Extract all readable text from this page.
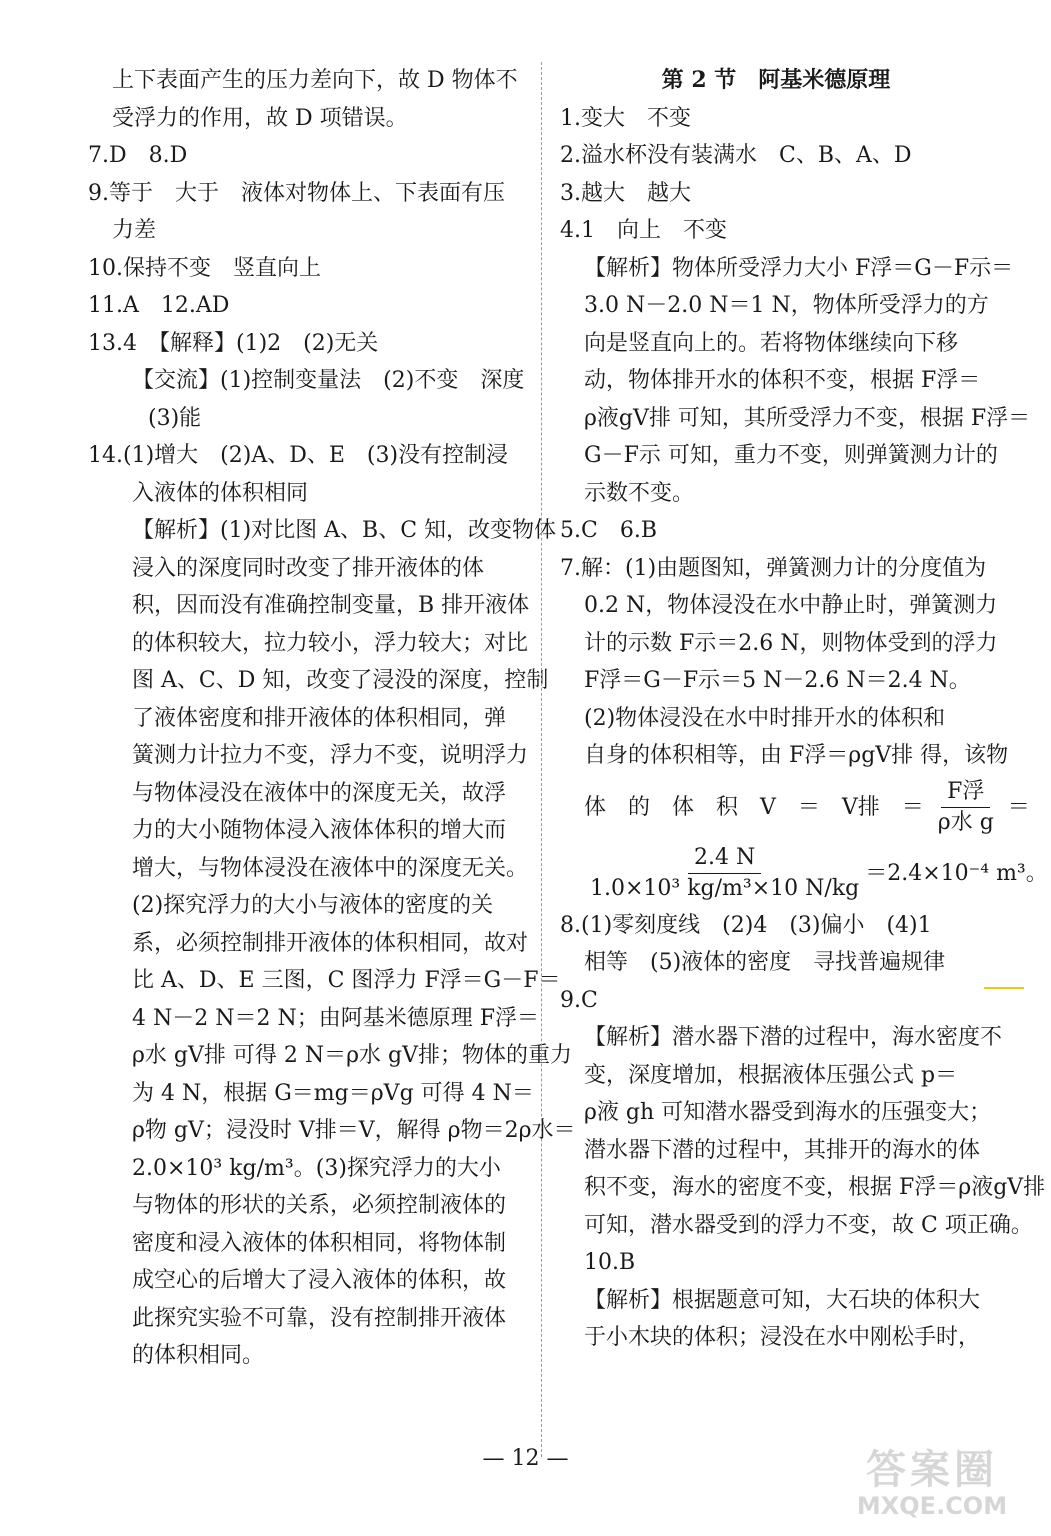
上下表面产生的压力差向下，故 D 物体不
受浮力的作用，故 D 项错误。
7.D　8.D
9.等于　大于　液体对物体上、下表面有压
力差
10.保持不变　竖直向上
11.A　12.AD
13.4　【解释】(1)2　(2)无关
【交流】(1)控制变量法　(2)不变　深度
(3)能
14.(1)增大　(2)A、D、E　(3)没有控制浸
入液体的体积相同
【解析】(1)对比图 A、B、C 知，改变物体
浸入的深度同时改变了排开液体的体
积，因而没有准确控制变量，B 排开液体
的体积较大，拉力较小，浮力较大；对比
图 A、C、D 知，改变了浸没的深度，控制
了液体密度和排开液体的体积相同，弹
簧测力计拉力不变，浮力不变，说明浮力
与物体浸没在液体中的深度无关，故浮
力的大小随物体浸入液体体积的增大而
增大，与物体浸没在液体中的深度无关。
(2)探究浮力的大小与液体的密度的关
系，必须控制排开液体的体积相同，故对
比 A、D、E 三图，C 图浮力 F浮＝G－F＝
4 N－2 N＝2 N；由阿基米德原理 F浮＝
ρ水 gV排 可得 2 N＝ρ水 gV排；物体的重力
为 4 N，根据 G＝mg＝ρVg 可得 4 N＝
ρ物 gV；浸没时 V排＝V，解得 ρ物＝2ρ水＝
2.0×10³ kg/m³。(3)探究浮力的大小
与物体的形状的关系，必须控制液体的
密度和浸入液体的体积相同，将物体制
成空心的后增大了浸入液体的体积，故
此探究实验不可靠，没有控制排开液体
的体积相同。
第 2 节　阿基米德原理
1.变大　不变
2.溢水杯没有装满水　C、B、A、D
3.越大　越大
4.1　向上　不变
【解析】物体所受浮力大小 F浮＝G－F示＝
3.0 N－2.0 N＝1 N，物体所受浮力的方
向是竖直向上的。若将物体继续向下移
动，物体排开水的体积不变，根据 F浮＝
ρ液gV排 可知，其所受浮力不变，根据 F浮＝
G－F示 可知，重力不变，则弹簧测力计的
示数不变。
5.C　6.B
7.解：(1)由题图知，弹簧测力计的分度值为
0.2 N，物体浸没在水中静止时，弹簧测力
计的示数 F示＝2.6 N，则物体受到的浮力
F浮＝G－F示＝5 N－2.6 N＝2.4 N。
(2)物体浸没在水中时排开水的体积和
自身的体积相等，由 F浮＝ρgV排 得，该物
体　的　体　积　V　＝　V排　＝ $\frac{\text{F浮}}{\text{ρ水 g}}$ ＝
$\frac{2.4 N}{\text{1.0×10³ kg/m³×10 N/kg}} =2.4\times 10^{-4}$ m³。
8.(1)零刻度线　(2)4　(3)偏小　(4)1
相等　(5)液体的密度　寻找普遍规律
9.C
【解析】潜水器下潜的过程中，海水密度不
变，深度增加，根据液体压强公式 p＝
ρ液 gh 可知潜水器受到海水的压强变大；
潜水器下潜的过程中，其排开的海水的体
积不变，海水的密度不变，根据 F浮＝ρ液gV排
可知，潜水器受到的浮力不变，故 C 项正确。
10.B
【解析】根据题意可知，大石块的体积大
于小木块的体积；浸没在水中刚松手时，
— 12 —	答案圈
MXQE.COM
